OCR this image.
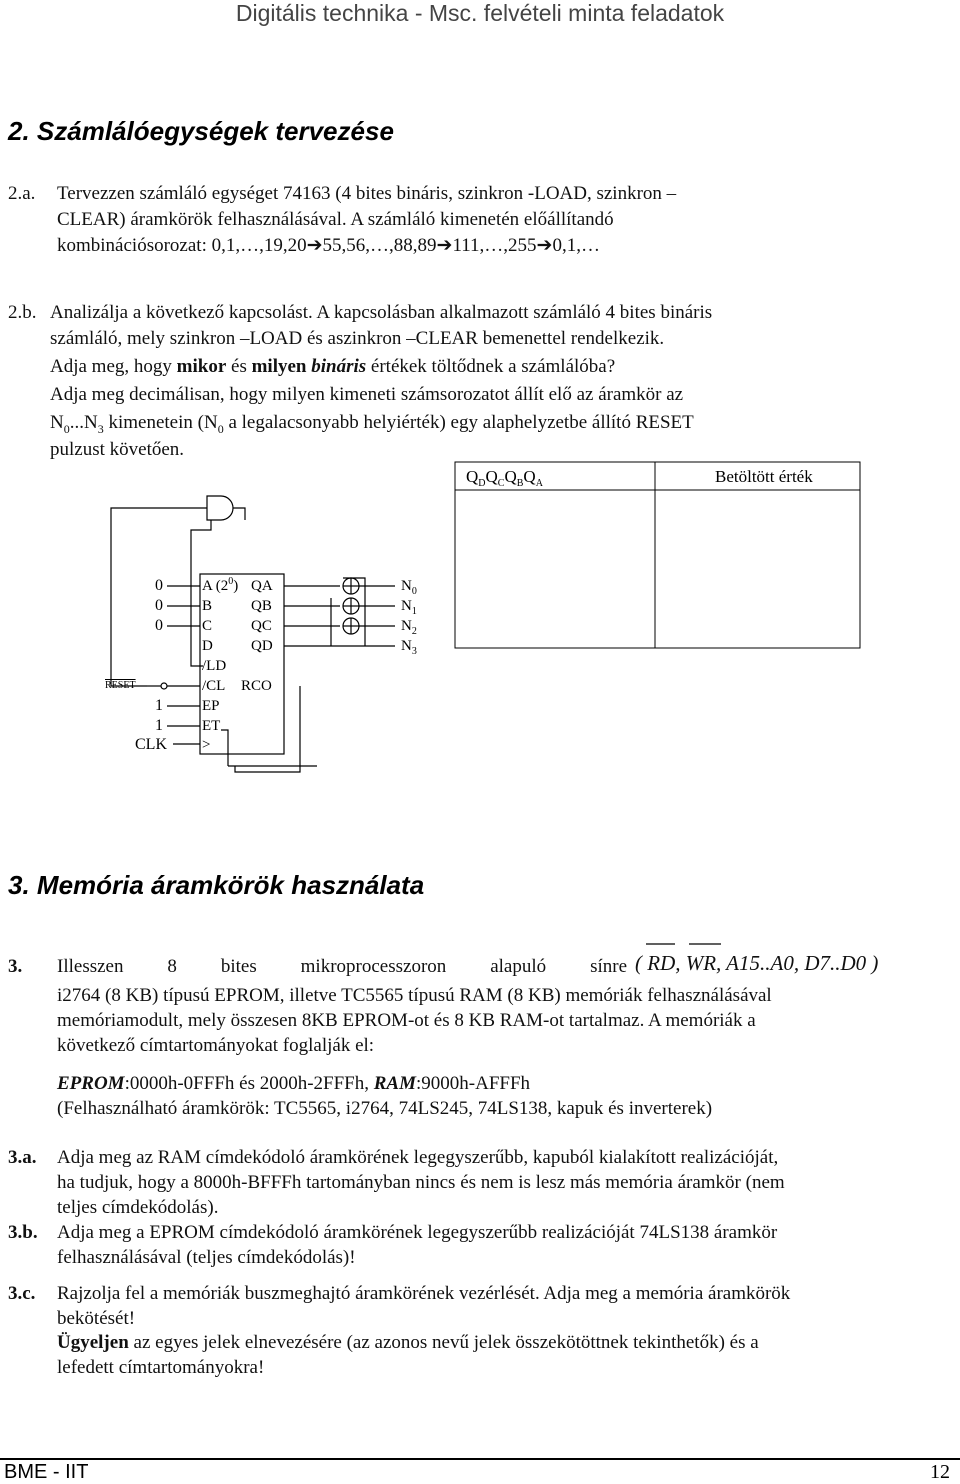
Digitális technika - Msc. felvételi minta feladatok
2. Számlálóegységek tervezése
2.a. Tervezzen számláló egységet 74163 (4 bites bináris, szinkron -LOAD, szinkron –
CLEAR) áramkörök felhasználásával. A számláló kimenetén előállítandó
kombinációsorozat: 0,1,…,19,20➔55,56,…,88,89➔111,…,255➔0,1,…
2.b. Analizálja a következő kapcsolást. A kapcsolásban alkalmazott számláló 4 bites bináris
számláló, mely szinkron –LOAD és aszinkron –CLEAR bemenettel rendelkezik.
Adja meg, hogy mikor és milyen bináris értékek töltődnek a számlálóba?
Adja meg decimálisan, hogy milyen kimeneti számsorozatot állít elő az áramkör az
$N_0...N_3$ kimenetein ($N_0$ a legalacsonyabb helyiérték) egy alaphelyzetbe állító RESET
pulzust követően.
$Q_DQ_CQ_BQ_A$	Betöltött érték
0
0
0
A $(2^0)$
B
C
D
/LD
/CL
EP
ET
>
QA
QB
QC
QD
RCO
$N_0$
$N_1$
$N_2$
$N_3$
RESET
1
1
CLK
3. Memória áramkörök használata
3. Illesszen 8 bites mikroprocesszoron alapuló sínre ( RD, WR, A15..A0, D7..D0 )
i2764 (8 KB) típusú EPROM, illetve TC5565 típusú RAM (8 KB) memóriák felhasználásával
memóriamodult, mely összesen 8KB EPROM-ot és 8 KB RAM-ot tartalmaz. A memóriák a
következő címtartományokat foglalják el:
EPROM:0000h-0FFFh és 2000h-2FFFh, RAM:9000h-AFFFh
(Felhasználható áramkörök: TC5565, i2764, 74LS245, 74LS138, kapuk és inverterek)
3.a. Adja meg az RAM címdekódoló áramkörének legegyszerűbb, kapuból kialakított realizációját,
ha tudjuk, hogy a 8000h-BFFFh tartományban nincs és nem is lesz más memória áramkör (nem
teljes címdekódolás).
3.b. Adja meg a EPROM címdekódoló áramkörének legegyszerűbb realizációját 74LS138 áramkör
felhasználásával (teljes címdekódolás)!
3.c. Rajzolja fel a memóriák buszmeghajtó áramkörének vezérlését. Adja meg a memória áramkörök
bekötését!
Ügyeljen az egyes jelek elnevezésére (az azonos nevű jelek összekötöttnek tekinthetők) és a
lefedett címtartományokra!
BME - IIT	12
